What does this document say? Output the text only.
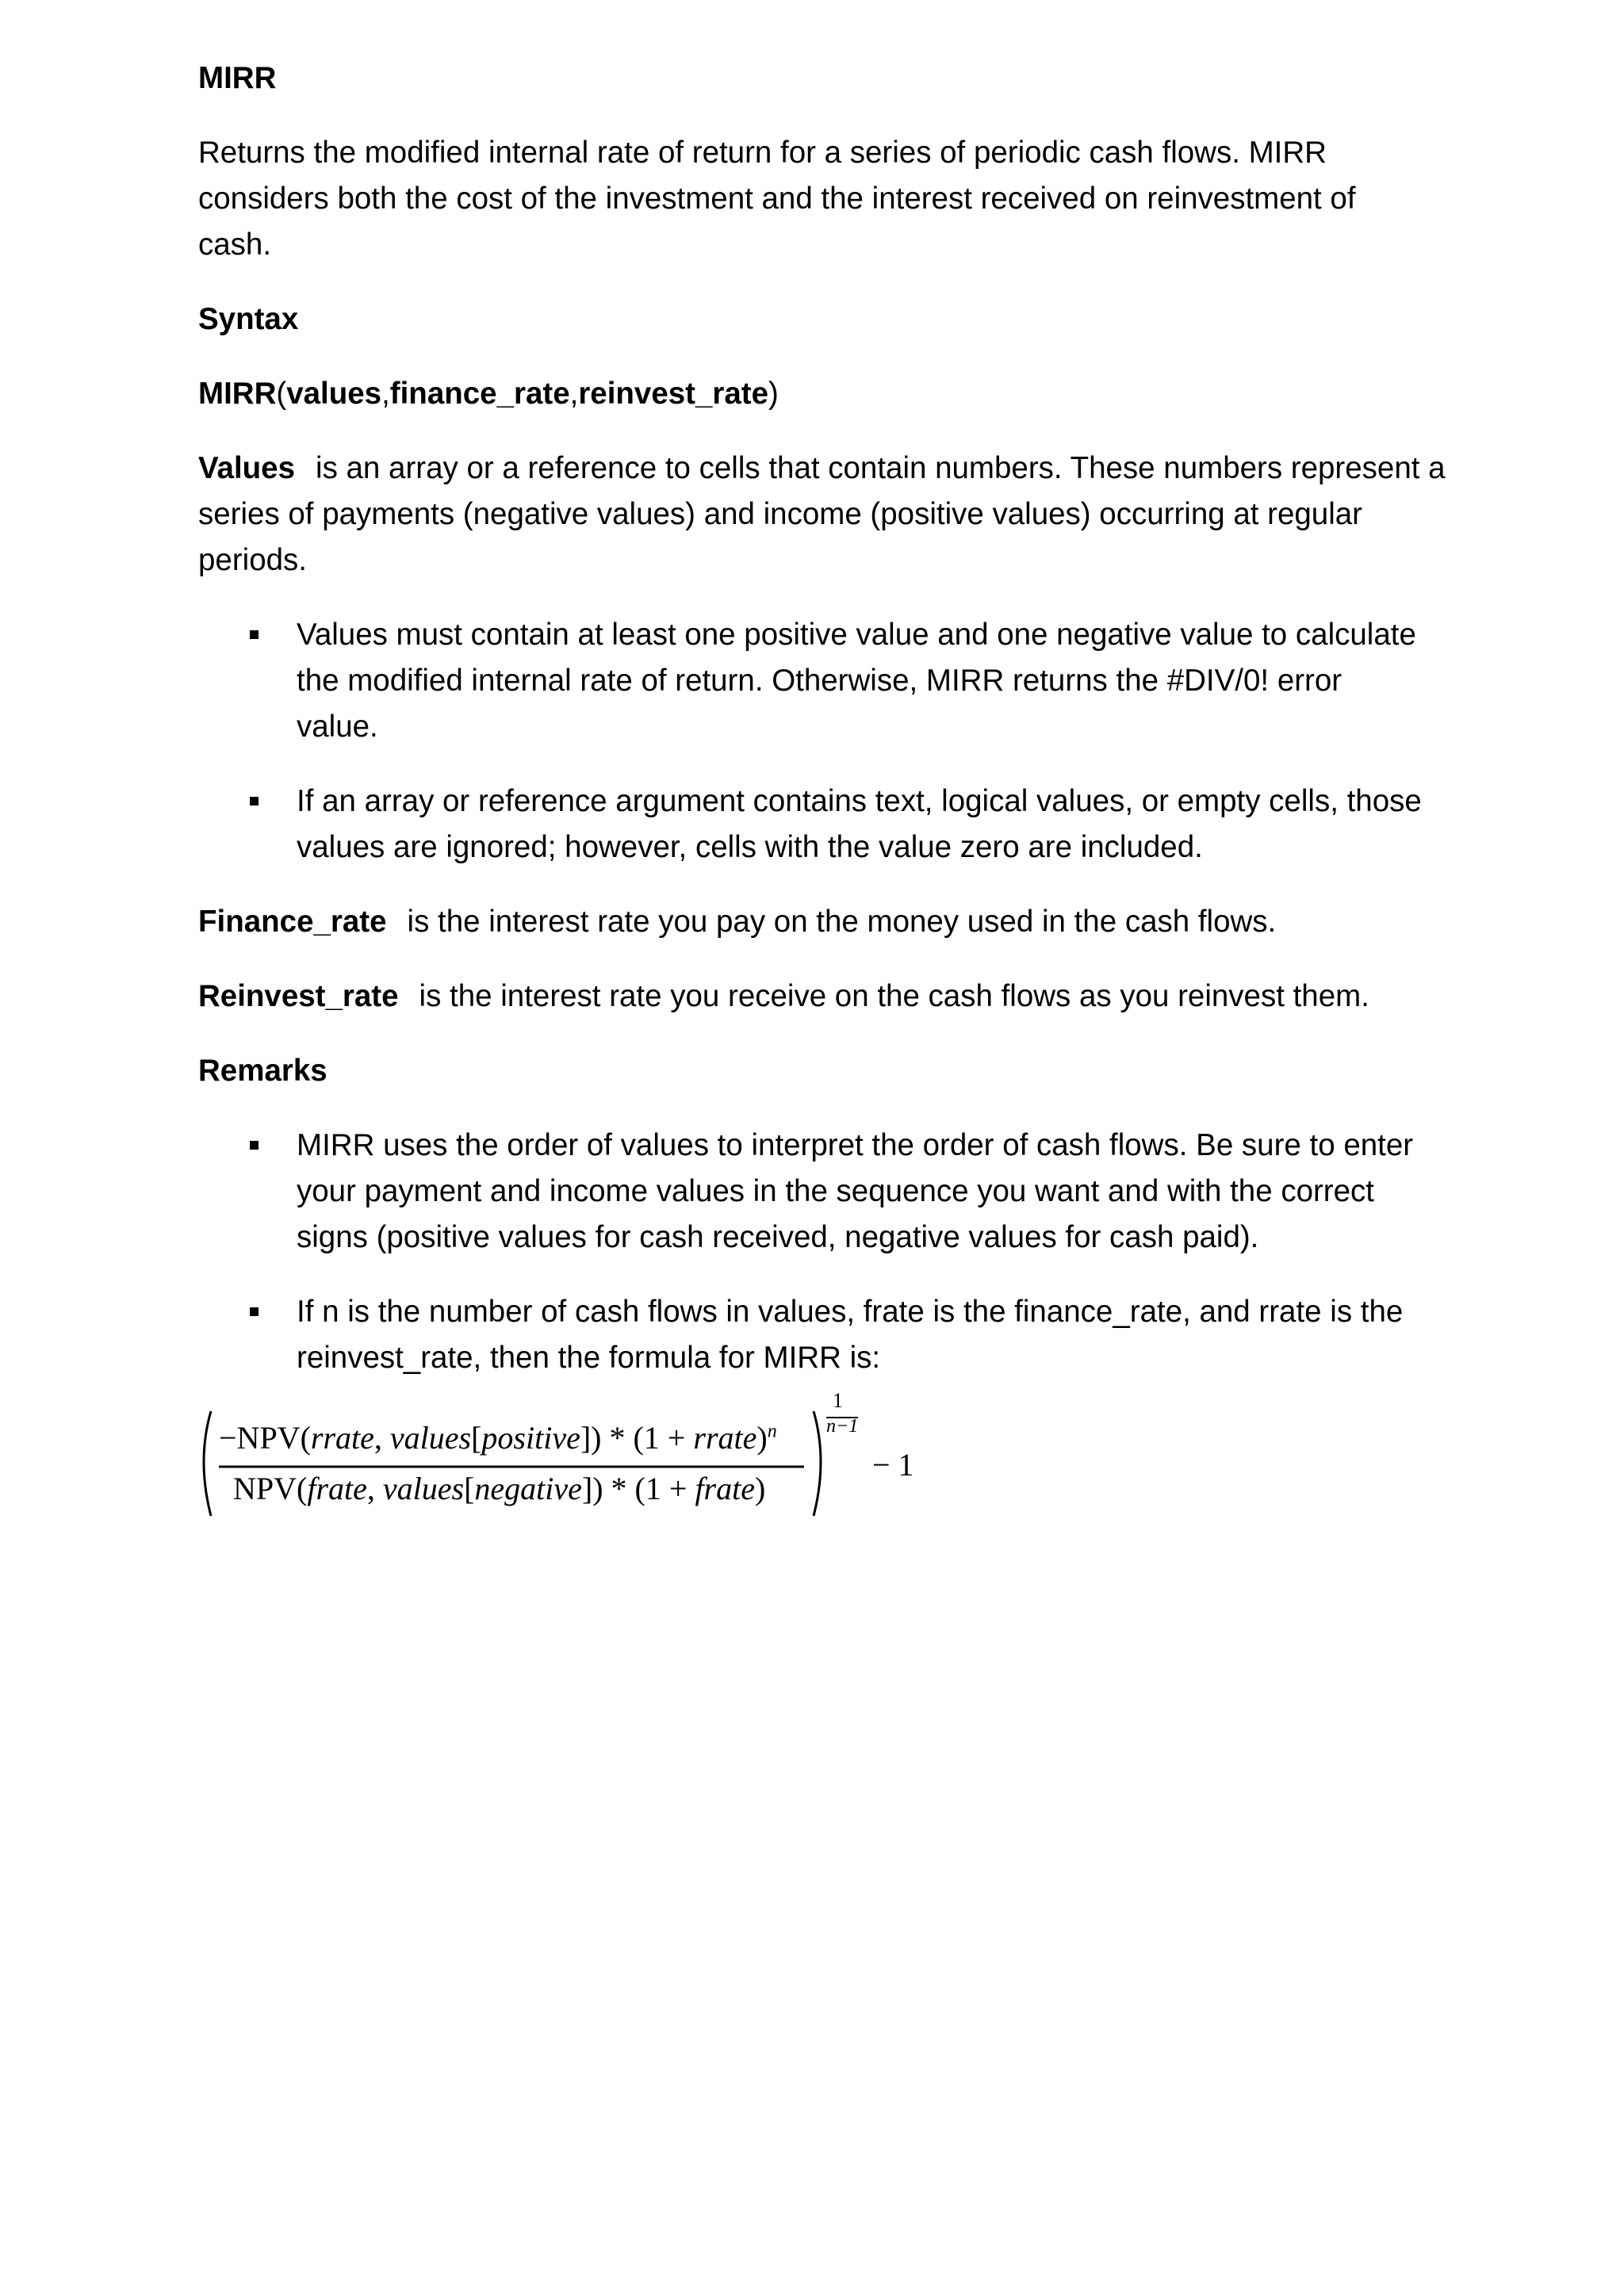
MIRR
Returns the modified internal rate of return for a series of periodic cash flows. MIRR
considers both the cost of the investment and the interest received on reinvestment of
cash.
Syntax
MIRR(values,finance_rate,reinvest_rate)
Values is an array or a reference to cells that contain numbers. These numbers represent a
series of payments (negative values) and income (positive values) occurring at regular
periods.
Values must contain at least one positive value and one negative value to calculate
the modified internal rate of return. Otherwise, MIRR returns the #DIV/0! error
value.
If an array or reference argument contains text, logical values, or empty cells, those
values are ignored; however, cells with the value zero are included.
Finance_rate is the interest rate you pay on the money used in the cash flows.
Reinvest_rate is the interest rate you receive on the cash flows as you reinvest them.
Remarks
MIRR uses the order of values to interpret the order of cash flows. Be sure to enter
your payment and income values in the sequence you want and with the correct
signs (positive values for cash received, negative values for cash paid).
If n is the number of cash flows in values, frate is the finance_rate, and rrate is the
reinvest_rate, then the formula for MIRR is:
−NPV(rrate, values[positive]) * (1 + rrate)$^n$
NPV(frate, values[negative]) * (1 + frate)
1
n−1
− 1
